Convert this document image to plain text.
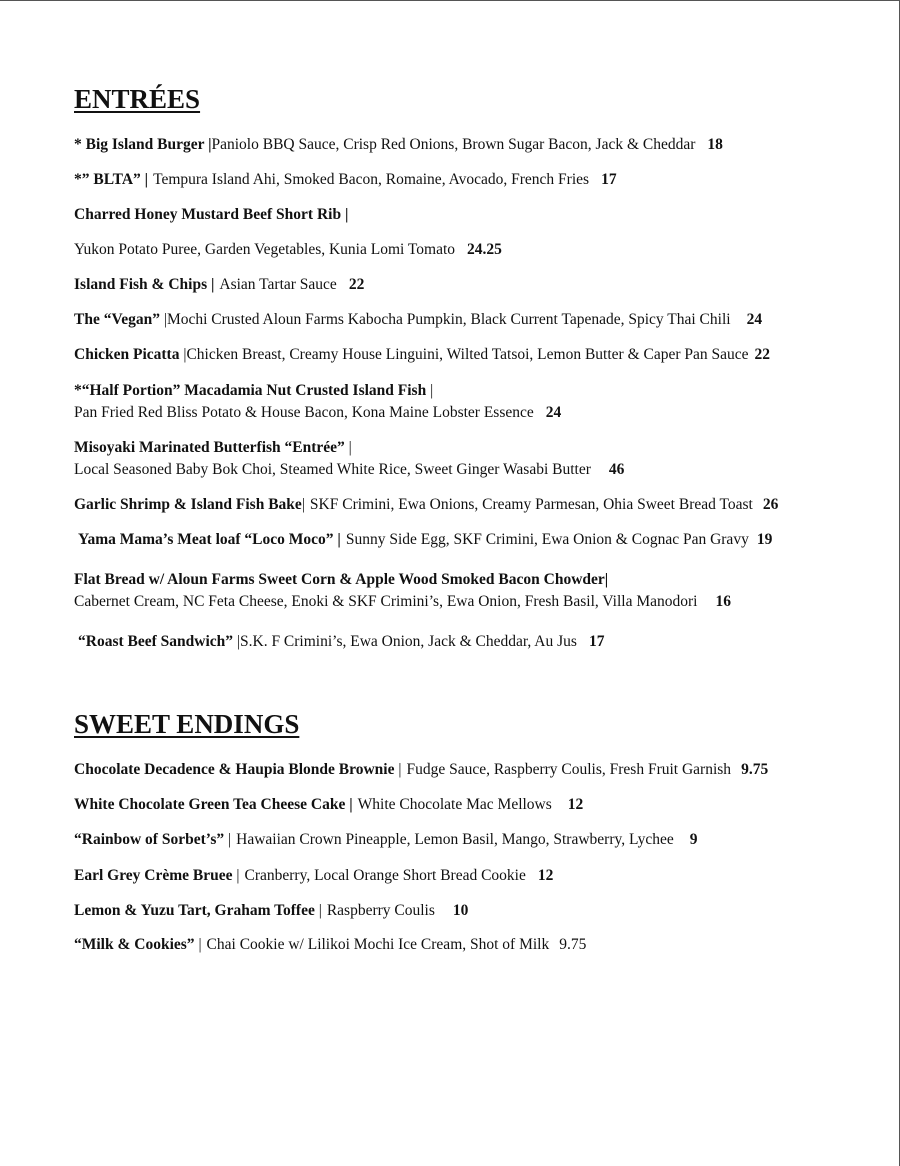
ENTRÉES
* Big Island Burger |Paniolo BBQ Sauce, Crisp Red Onions, Brown Sugar Bacon, Jack & Cheddar 18
*” BLTA” | Tempura Island Ahi, Smoked Bacon, Romaine, Avocado, French Fries 17
Charred Honey Mustard Beef Short Rib |
Yukon Potato Puree, Garden Vegetables, Kunia Lomi Tomato 24.25
Island Fish & Chips | Asian Tartar Sauce 22
The “Vegan” |Mochi Crusted Aloun Farms Kabocha Pumpkin, Black Current Tapenade, Spicy Thai Chili 24
Chicken Picatta |Chicken Breast, Creamy House Linguini, Wilted Tatsoi, Lemon Butter & Caper Pan Sauce 22
*“Half Portion” Macadamia Nut Crusted Island Fish |
Pan Fried Red Bliss Potato & House Bacon, Kona Maine Lobster Essence 24
Misoyaki Marinated Butterfish “Entrée” |
Local Seasoned Baby Bok Choi, Steamed White Rice, Sweet Ginger Wasabi Butter 46
Garlic Shrimp & Island Fish Bake| SKF Crimini, Ewa Onions, Creamy Parmesan, Ohia Sweet Bread Toast 26
Yama Mama’s Meat loaf “Loco Moco” | Sunny Side Egg, SKF Crimini, Ewa Onion & Cognac Pan Gravy 19
Flat Bread w/ Aloun Farms Sweet Corn & Apple Wood Smoked Bacon Chowder|
Cabernet Cream, NC Feta Cheese, Enoki & SKF Crimini’s, Ewa Onion, Fresh Basil, Villa Manodori 16
“Roast Beef Sandwich” |S.K. F Crimini’s, Ewa Onion, Jack & Cheddar, Au Jus 17
SWEET ENDINGS
Chocolate Decadence & Haupia Blonde Brownie | Fudge Sauce, Raspberry Coulis, Fresh Fruit Garnish 9.75
White Chocolate Green Tea Cheese Cake | White Chocolate Mac Mellows 12
“Rainbow of Sorbet’s” | Hawaiian Crown Pineapple, Lemon Basil, Mango, Strawberry, Lychee 9
Earl Grey Crème Bruee | Cranberry, Local Orange Short Bread Cookie 12
Lemon & Yuzu Tart, Graham Toffee | Raspberry Coulis 10
“Milk & Cookies” | Chai Cookie w/ Lilikoi Mochi Ice Cream, Shot of Milk 9.75
